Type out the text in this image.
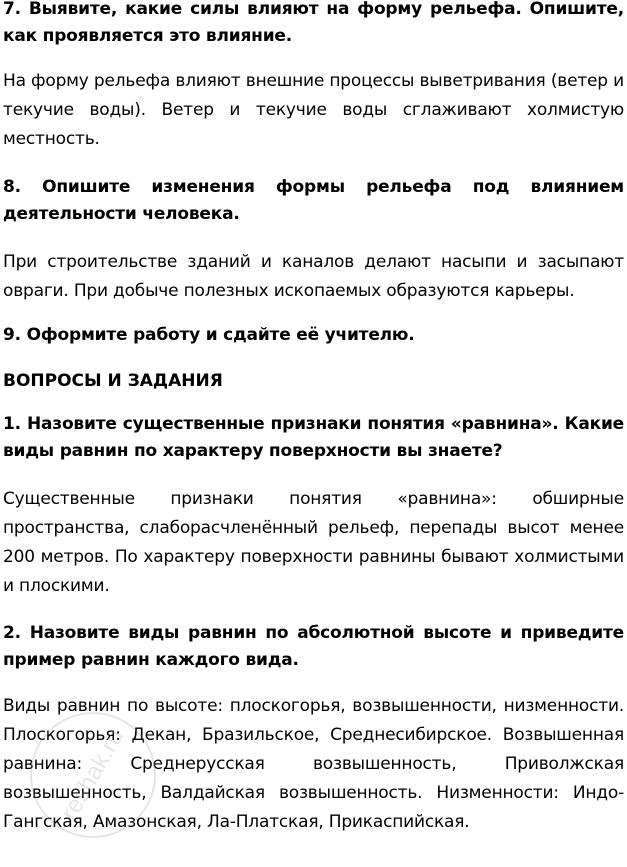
7. Выявите, какие силы влияют на форму рельефа. Опишите, как проявляется это влияние.
На форму рельефа влияют внешние процессы выветривания (ветер и текучие воды). Ветер и текучие воды сглаживают холмистую местность.
8. Опишите изменения формы рельефа под влиянием деятельности человека.
При строительстве зданий и каналов делают насыпи и засыпают овраги. При добыче полезных ископаемых образуются карьеры.
9. Оформите работу и сдайте её учителю.
ВОПРОСЫ И ЗАДАНИЯ
1. Назовите существенные признаки понятия «равнина». Какие виды равнин по характеру поверхности вы знаете?
Существенные признаки понятия «равнина»: обширные пространства, слаборасчленённый рельеф, перепады высот менее 200 метров. По характеру поверхности равнины бывают холмистыми и плоскими.
2. Назовите виды равнин по абсолютной высоте и приведите пример равнин каждого вида.
Виды равнин по высоте: плоскогорья, возвышенности, низменности. Плоскогорья: Декан, Бразильское, Среднесибирское. Возвышенная равнина: Среднерусская возвышенность, Приволжская возвышенность, Валдайская возвышенность. Низменности: Индо-Гангская, Амазонская, Ла-Платская, Прикаспийская.
reshak.ru
